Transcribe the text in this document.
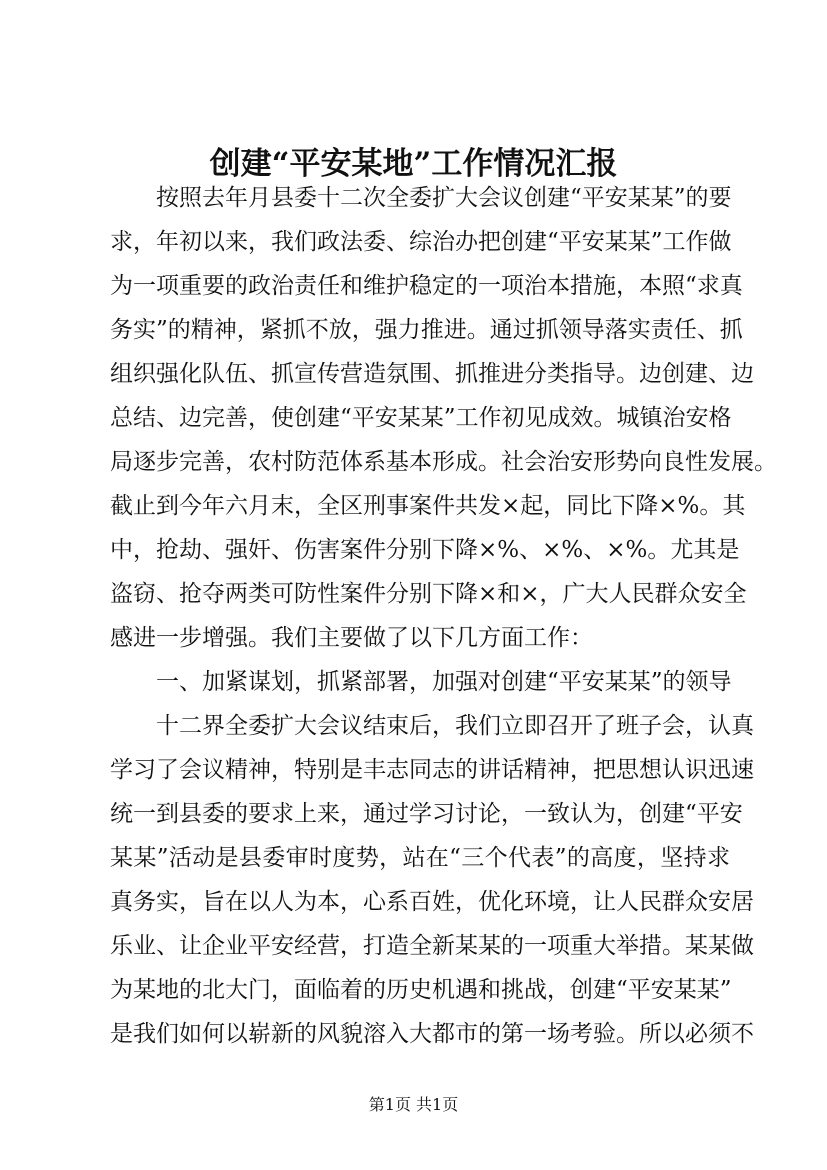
创建“平安某地”工作情况汇报
　　按照去年月县委十二次全委扩大会议创建“平安某某”的要
求，年初以来，我们政法委、综治办把创建“平安某某”工作做
为一项重要的政治责任和维护稳定的一项治本措施，本照“求真
务实”的精神，紧抓不放，强力推进。通过抓领导落实责任、抓
组织强化队伍、抓宣传营造氛围、抓推进分类指导。边创建、边
总结、边完善，使创建“平安某某”工作初见成效。城镇治安格
局逐步完善，农村防范体系基本形成。社会治安形势向良性发展。
截止到今年六月末，全区刑事案件共发×起，同比下降×%。其
中，抢劫、强奸、伤害案件分别下降×%、×%、×%。尤其是
盗窃、抢夺两类可防性案件分别下降×和×，广大人民群众安全
感进一步增强。我们主要做了以下几方面工作：
　　一、加紧谋划，抓紧部署，加强对创建“平安某某”的领导
　　十二界全委扩大会议结束后，我们立即召开了班子会，认真
学习了会议精神，特别是丰志同志的讲话精神，把思想认识迅速
统一到县委的要求上来，通过学习讨论，一致认为，创建“平安
某某”活动是县委审时度势，站在“三个代表”的高度，坚持求
真务实，旨在以人为本，心系百姓，优化环境，让人民群众安居
乐业、让企业平安经营，打造全新某某的一项重大举措。某某做
为某地的北大门，面临着的历史机遇和挑战，创建“平安某某”
是我们如何以崭新的风貌溶入大都市的第一场考验。所以必须不
第1页 共1页
